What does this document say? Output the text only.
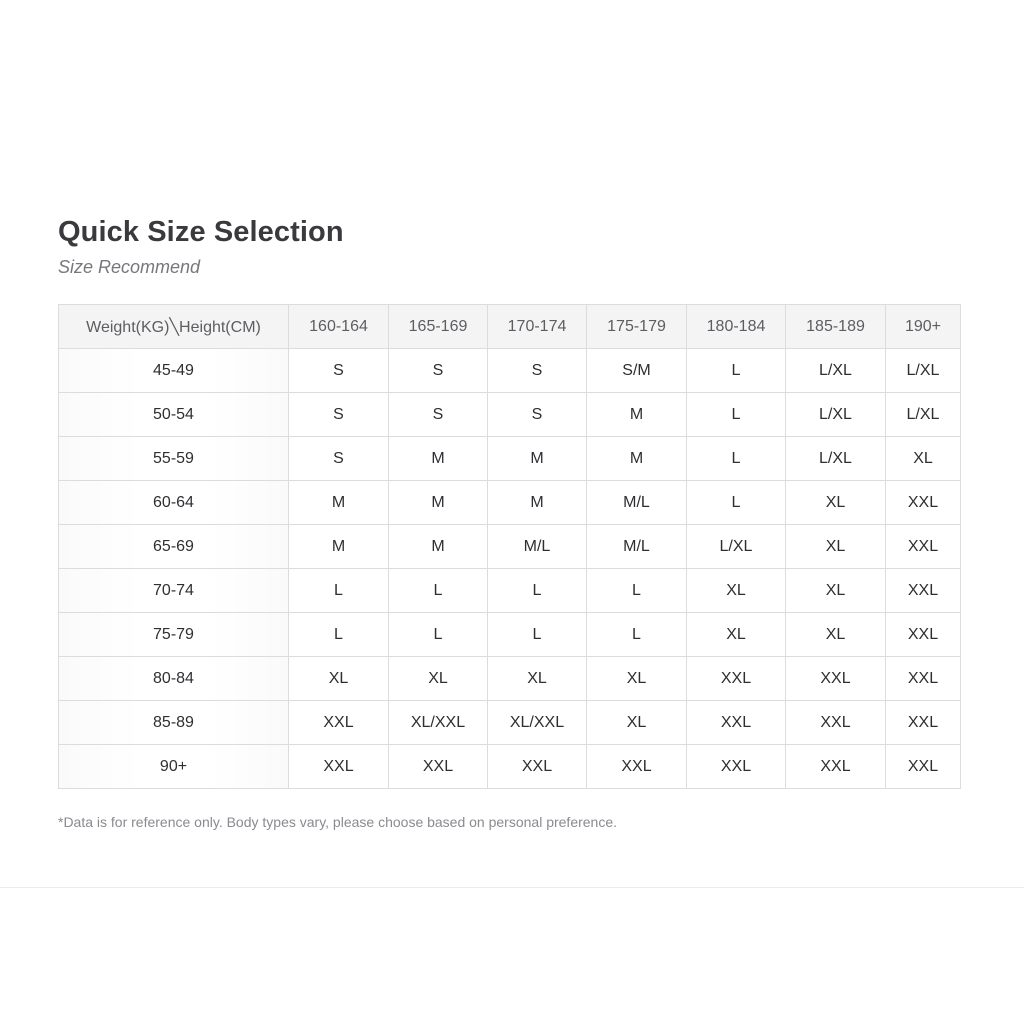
Quick Size Selection

Size Recommend

Weight(KG)╲Height(CM)	160-164	165-169	170-174	175-179	180-184	185-189	190+
45-49	S	S	S	S/M	L	L/XL	L/XL
50-54	S	S	S	M	L	L/XL	L/XL
55-59	S	M	M	M	L	L/XL	XL
60-64	M	M	M	M/L	L	XL	XXL
65-69	M	M	M/L	M/L	L/XL	XL	XXL
70-74	L	L	L	L	XL	XL	XXL
75-79	L	L	L	L	XL	XL	XXL
80-84	XL	XL	XL	XL	XXL	XXL	XXL
85-89	XXL	XL/XXL	XL/XXL	XL	XXL	XXL	XXL
90+	XXL	XXL	XXL	XXL	XXL	XXL	XXL

*Data is for reference only. Body types vary, please choose based on personal preference.
